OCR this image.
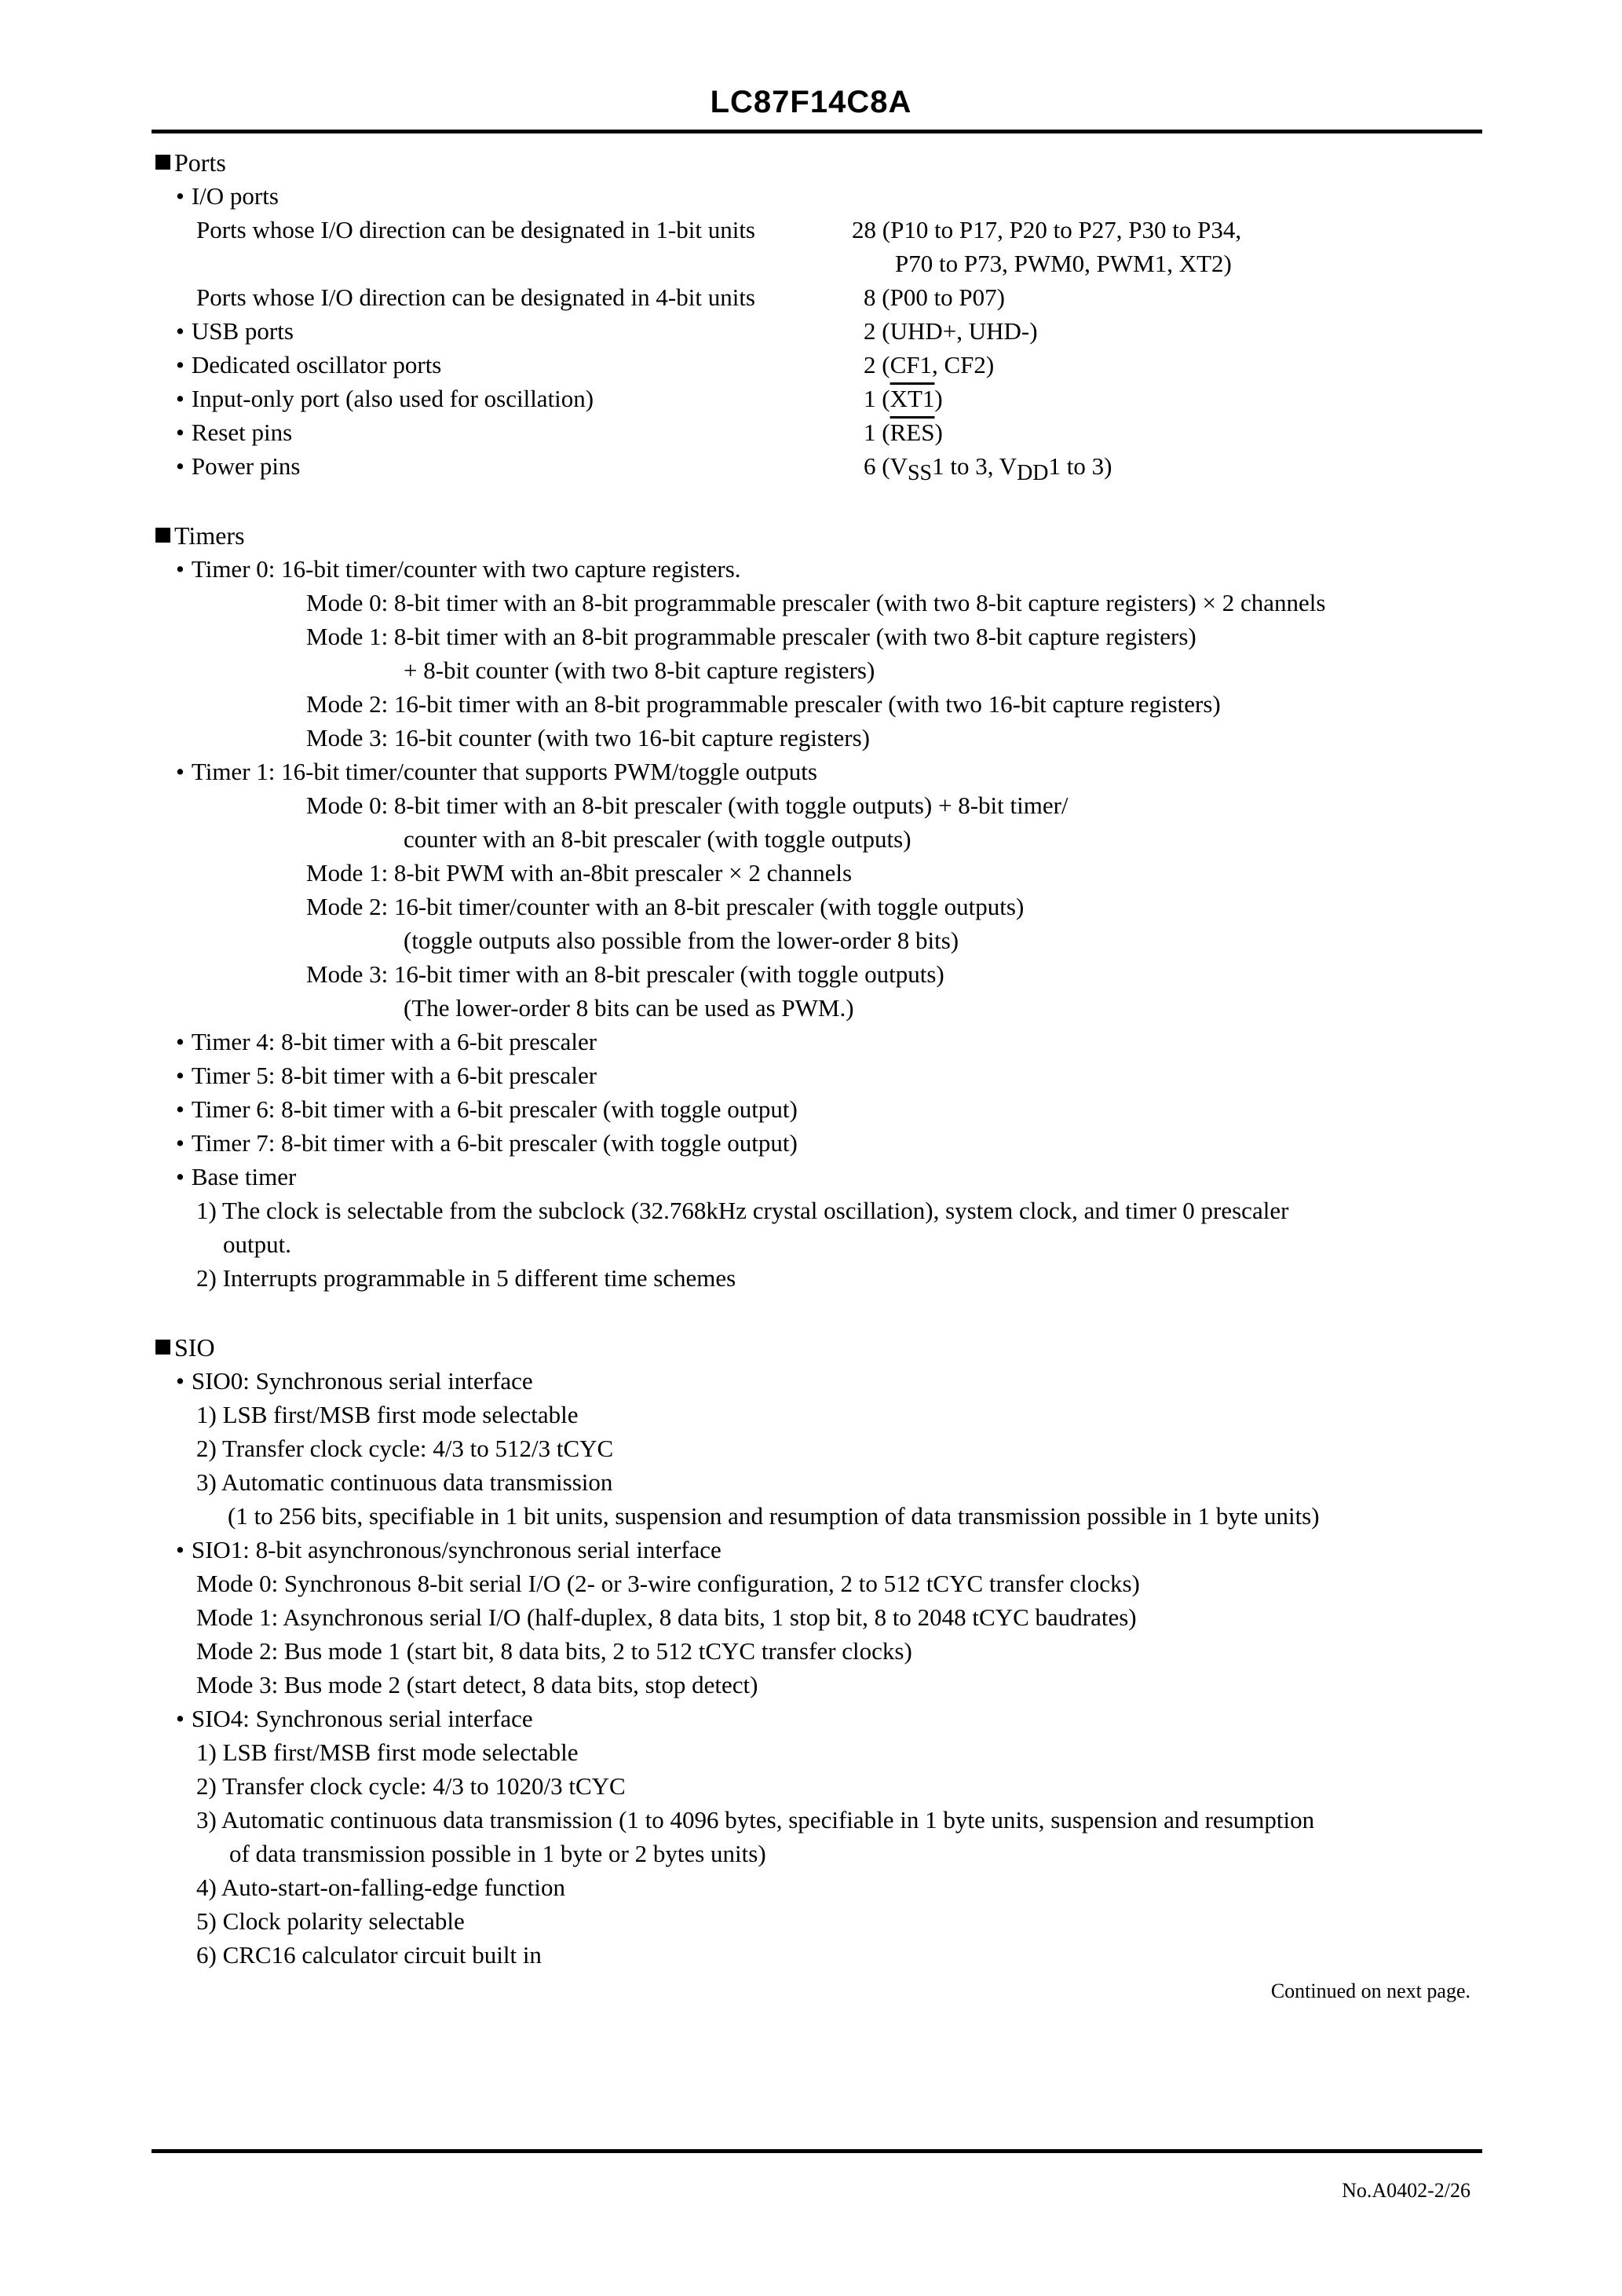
LC87F14C8A
Ports
• I/O ports
Ports whose I/O direction can be designated in 1-bit units	28 (P10 to P17, P20 to P27, P30 to P34,
P70 to P73, PWM0, PWM1, XT2)
Ports whose I/O direction can be designated in 4-bit units	8 (P00 to P07)
• USB ports	2 (UHD+, UHD-)
• Dedicated oscillator ports	2 (CF1, CF2)
• Input-only port (also used for oscillation)	1 (XT1)
• Reset pins	1 $(\overline{RES})$
• Power pins	6 ($V_{SS}1$ to 3, $V_{DD}1$ to 3)
Timers
• Timer 0: 16-bit timer/counter with two capture registers.
Mode 0: 8-bit timer with an 8-bit programmable prescaler (with two 8-bit capture registers) × 2 channels
Mode 1: 8-bit timer with an 8-bit programmable prescaler (with two 8-bit capture registers)
+ 8-bit counter (with two 8-bit capture registers)
Mode 2: 16-bit timer with an 8-bit programmable prescaler (with two 16-bit capture registers)
Mode 3: 16-bit counter (with two 16-bit capture registers)
• Timer 1: 16-bit timer/counter that supports PWM/toggle outputs
Mode 0: 8-bit timer with an 8-bit prescaler (with toggle outputs) + 8-bit timer/
counter with an 8-bit prescaler (with toggle outputs)
Mode 1: 8-bit PWM with an-8bit prescaler × 2 channels
Mode 2: 16-bit timer/counter with an 8-bit prescaler (with toggle outputs)
(toggle outputs also possible from the lower-order 8 bits)
Mode 3: 16-bit timer with an 8-bit prescaler (with toggle outputs)
(The lower-order 8 bits can be used as PWM.)
• Timer 4: 8-bit timer with a 6-bit prescaler
• Timer 5: 8-bit timer with a 6-bit prescaler
• Timer 6: 8-bit timer with a 6-bit prescaler (with toggle output)
• Timer 7: 8-bit timer with a 6-bit prescaler (with toggle output)
• Base timer
1) The clock is selectable from the subclock (32.768kHz crystal oscillation), system clock, and timer 0 prescaler
output.
2) Interrupts programmable in 5 different time schemes
SIO
• SIO0: Synchronous serial interface
1) LSB first/MSB first mode selectable
2) Transfer clock cycle: 4/3 to 512/3 tCYC
3) Automatic continuous data transmission
(1 to 256 bits, specifiable in 1 bit units, suspension and resumption of data transmission possible in 1 byte units)
• SIO1: 8-bit asynchronous/synchronous serial interface
Mode 0: Synchronous 8-bit serial I/O (2- or 3-wire configuration, 2 to 512 tCYC transfer clocks)
Mode 1: Asynchronous serial I/O (half-duplex, 8 data bits, 1 stop bit, 8 to 2048 tCYC baudrates)
Mode 2: Bus mode 1 (start bit, 8 data bits, 2 to 512 tCYC transfer clocks)
Mode 3: Bus mode 2 (start detect, 8 data bits, stop detect)
• SIO4: Synchronous serial interface
1) LSB first/MSB first mode selectable
2) Transfer clock cycle: 4/3 to 1020/3 tCYC
3) Automatic continuous data transmission (1 to 4096 bytes, specifiable in 1 byte units, suspension and resumption
of data transmission possible in 1 byte or 2 bytes units)
4) Auto-start-on-falling-edge function
5) Clock polarity selectable
6) CRC16 calculator circuit built in
Continued on next page.
No.A0402-2/26
